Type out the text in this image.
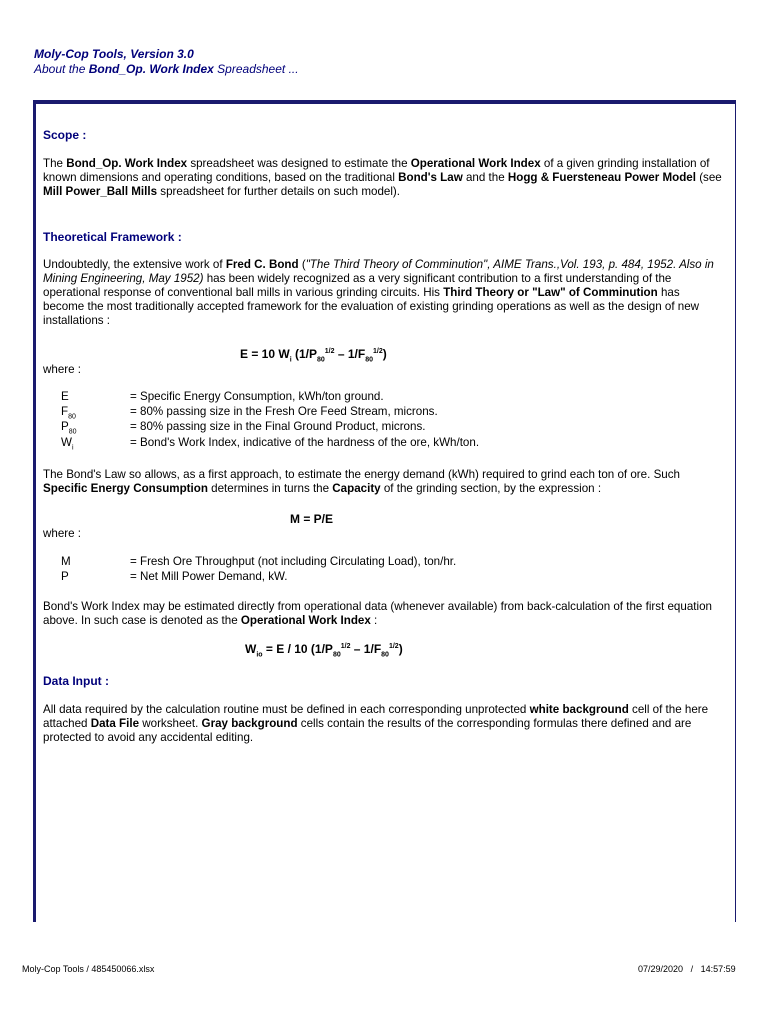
Moly-Cop Tools, Version 3.0
About the Bond_Op. Work Index Spreadsheet ...

Scope :

The Bond_Op. Work Index spreadsheet was designed to estimate the Operational Work Index of a given grinding installation of known dimensions and operating conditions, based on the traditional Bond's Law and the Hogg & Fuersteneau Power Model (see Mill Power_Ball Mills spreadsheet for further details on such model).

Theoretical Framework :

Undoubtedly, the extensive work of Fred C. Bond ("The Third Theory of Comminution", AIME Trans.,Vol. 193, p. 484, 1952. Also in Mining Engineering, May 1952) has been widely recognized as a very significant contribution to a first understanding of the operational response of conventional ball mills in various grinding circuits. His Third Theory or "Law" of Comminution has become the most traditionally accepted framework for the evaluation of existing grinding operations as well as the design of new installations :

E = 10 $W_i$ $(1/P_{80}^{1/2} - 1/F_{80}^{1/2})$

where :

E	= Specific Energy Consumption, kWh/ton ground.
$F_{80}$	= 80% passing size in the Fresh Ore Feed Stream, microns.
$P_{80}$	= 80% passing size in the Final Ground Product, microns.
$W_i$	= Bond's Work Index, indicative of the hardness of the ore, kWh/ton.

The Bond's Law so allows, as a first approach, to estimate the energy demand (kWh) required to grind each ton of ore. Such Specific Energy Consumption determines in turns the Capacity of the grinding section, by the expression :

M = P/E

where :

M	= Fresh Ore Throughput (not including Circulating Load), ton/hr.
P	= Net Mill Power Demand, kW.

Bond's Work Index may be estimated directly from operational data (whenever available) from back-calculation of the first equation above. In such case is denoted as the Operational Work Index :

$W_{io} = E / 10$ $(1/P_{80}^{1/2} - 1/F_{80}^{1/2})$

Data Input :

All data required by the calculation routine must be defined in each corresponding unprotected white background cell of the here attached Data File worksheet. Gray background cells contain the results of the corresponding formulas there defined and are protected to avoid any accidental editing.

Moly-Cop Tools / 485450066.xlsx	07/29/2020 / 14:57:59
